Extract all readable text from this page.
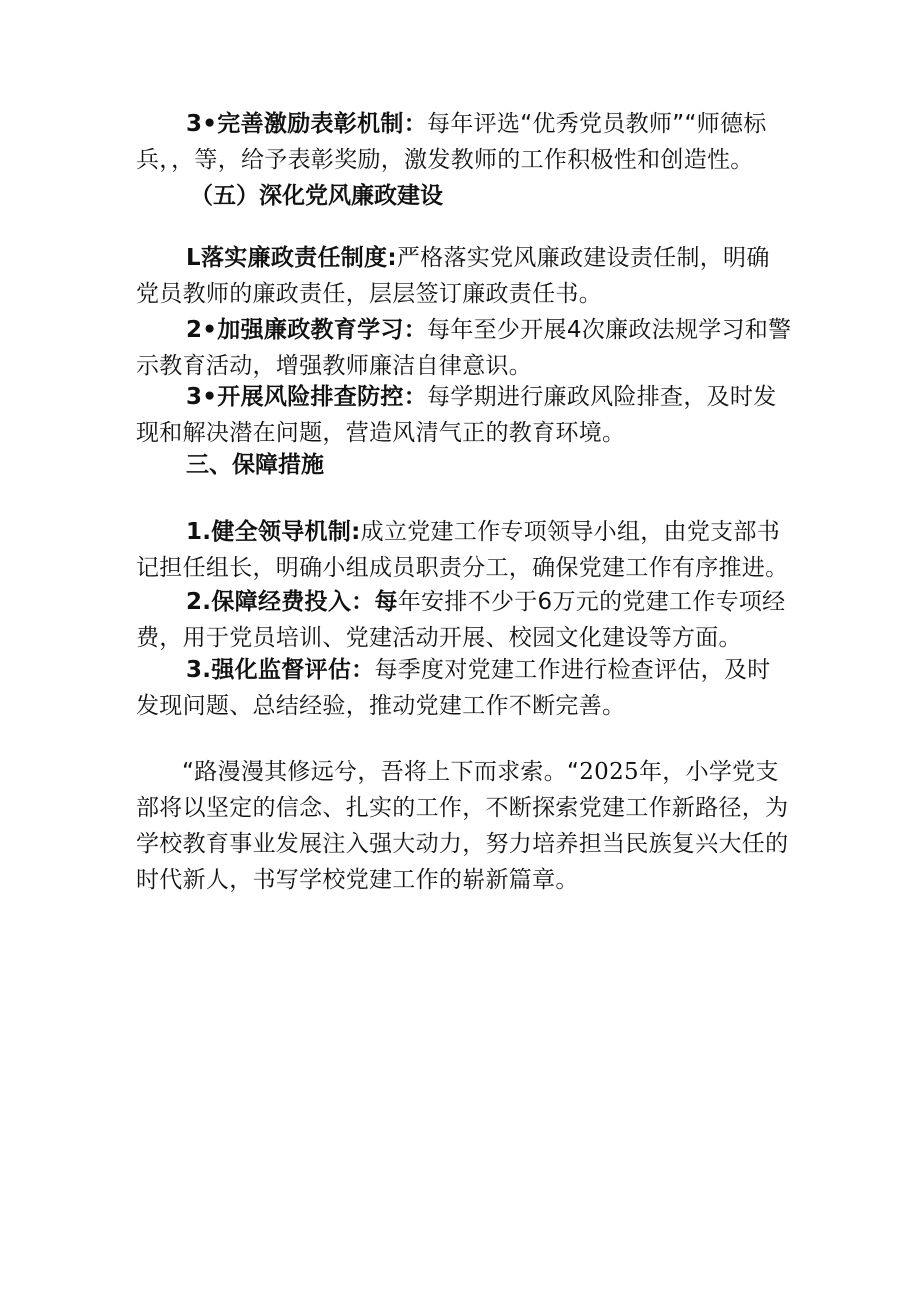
3•完善激励表彰机制：每年评选“优秀党员教师”“师德标兵，，等，给予表彰奖励，激发教师的工作积极性和创造性。

（五）深化党风廉政建设

L落实廉政责任制度:严格落实党风廉政建设责任制，明确党员教师的廉政责任，层层签订廉政责任书。

2•加强廉政教育学习：每年至少开展4次廉政法规学习和警示教育活动，增强教师廉洁自律意识。

3•开展风险排查防控：每学期进行廉政风险排查，及时发现和解决潜在问题，营造风清气正的教育环境。

三、保障措施

1.健全领导机制:成立党建工作专项领导小组，由党支部书记担任组长，明确小组成员职责分工，确保党建工作有序推进。

2.保障经费投入：每年安排不少于6万元的党建工作专项经费，用于党员培训、党建活动开展、校园文化建设等方面。

3.强化监督评估：每季度对党建工作进行检查评估，及时发现问题、总结经验，推动党建工作不断完善。

“路漫漫其修远兮，吾将上下而求索。“2025年，小学党支部将以坚定的信念、扎实的工作，不断探索党建工作新路径，为学校教育事业发展注入强大动力，努力培养担当民族复兴大任的时代新人，书写学校党建工作的崭新篇章。
